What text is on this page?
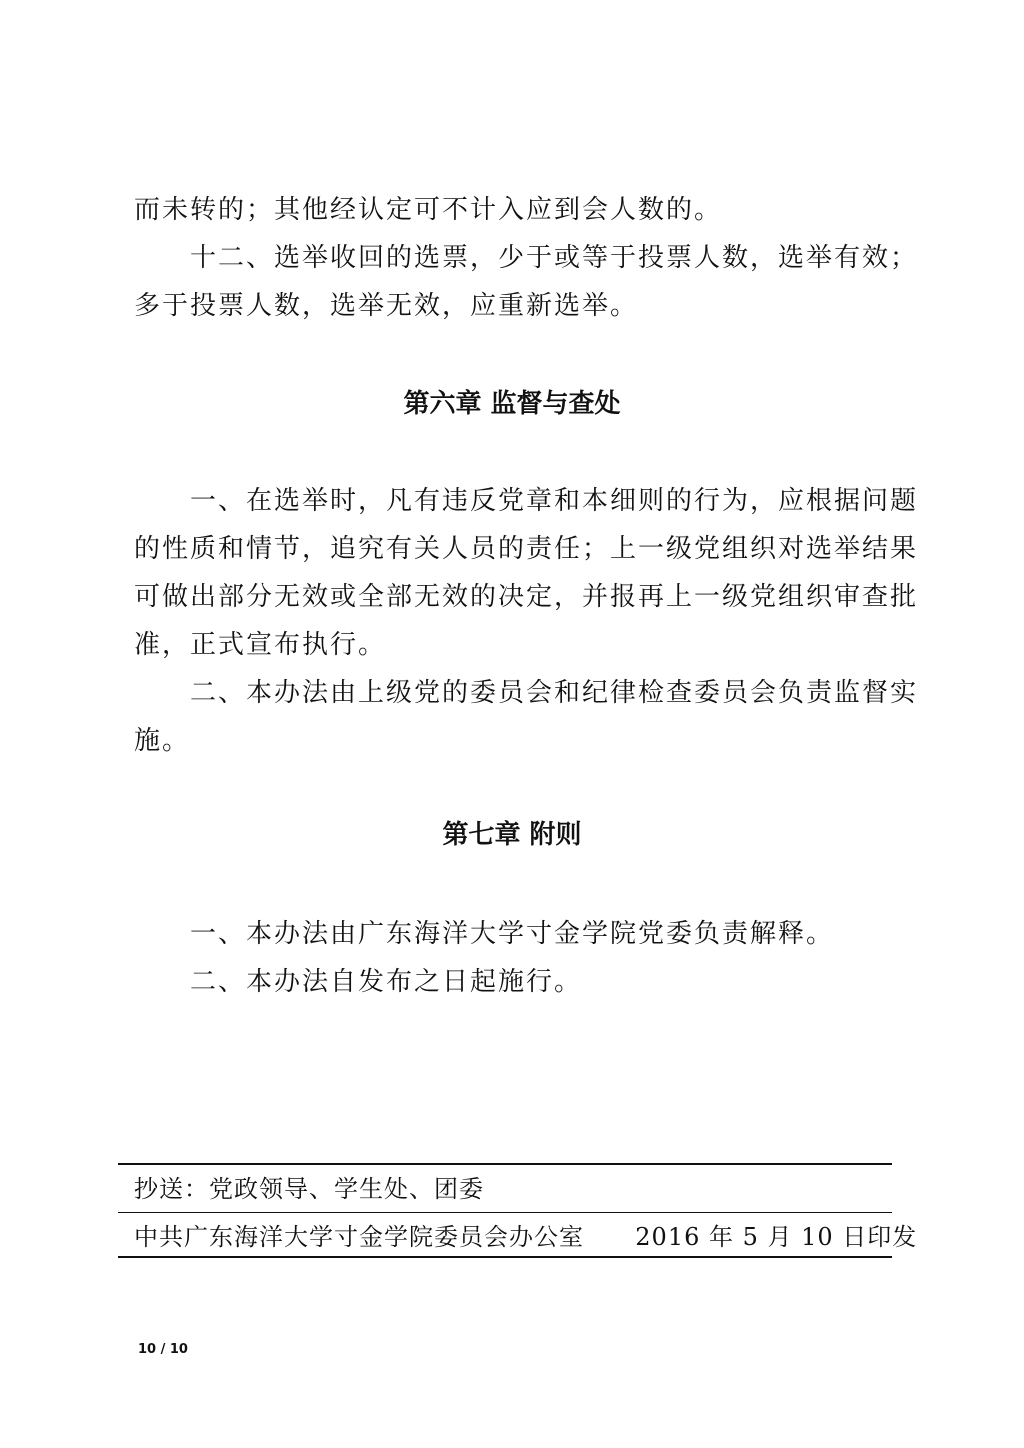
而未转的；其他经认定可不计入应到会人数的。
十二、选举收回的选票，少于或等于投票人数，选举有效；
多于投票人数，选举无效，应重新选举。
第六章 监督与查处
一、在选举时，凡有违反党章和本细则的行为，应根据问题
的性质和情节，追究有关人员的责任；上一级党组织对选举结果
可做出部分无效或全部无效的决定，并报再上一级党组织审查批
准，正式宣布执行。
二、本办法由上级党的委员会和纪律检查委员会负责监督实
施。
第七章 附则
一、本办法由广东海洋大学寸金学院党委负责解释。
二、本办法自发布之日起施行。
抄送：党政领导、学生处、团委
中共广东海洋大学寸金学院委员会办公室 2016 年 5 月 10 日印发
10 / 10
